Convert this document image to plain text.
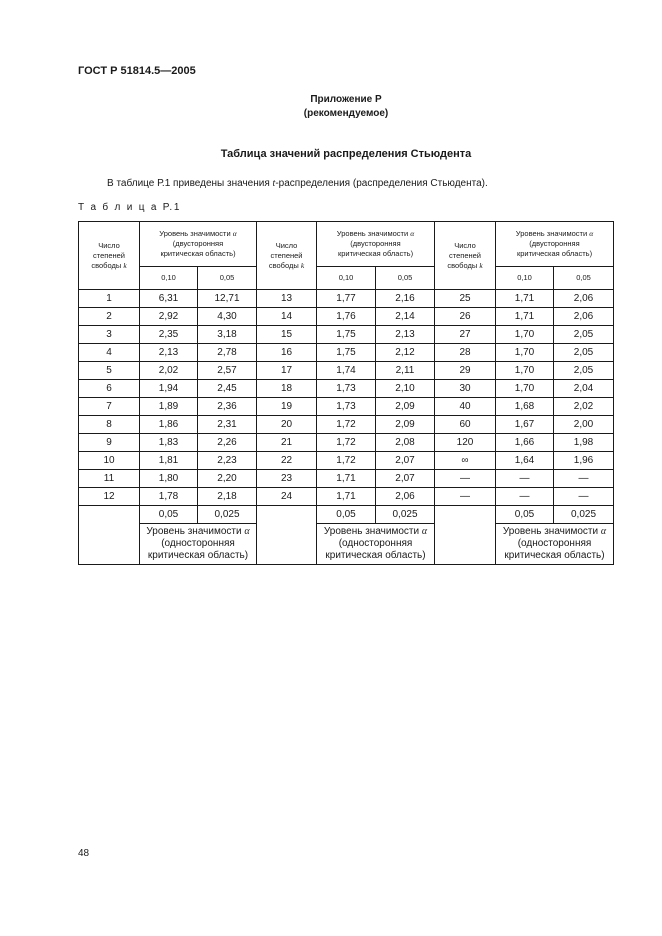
ГОСТ Р 51814.5—2005
Приложение Р
(рекомендуемое)
Таблица значений распределения Стьюдента
В таблице Р.1 приведены значения t-распределения (распределения Стьюдента).
Т а б л и ц а Р.1
Число
степеней
свободы k	Уровень значимости α
(двусторонняя
критическая область)		Число
степеней
свободы k	Уровень значимости α
(двусторонняя
критическая область)		Число
степеней
свободы k	Уровень значимости α
(двусторонняя
критическая область)	
	0,10	0,05		0,10	0,05		0,10	0,05
1	6,31	12,71	13	1,77	2,16	25	1,71	2,06
2	2,92	4,30	14	1,76	2,14	26	1,71	2,06
3	2,35	3,18	15	1,75	2,13	27	1,70	2,05
4	2,13	2,78	16	1,75	2,12	28	1,70	2,05
5	2,02	2,57	17	1,74	2,11	29	1,70	2,05
6	1,94	2,45	18	1,73	2,10	30	1,70	2,04
7	1,89	2,36	19	1,73	2,09	40	1,68	2,02
8	1,86	2,31	20	1,72	2,09	60	1,67	2,00
9	1,83	2,26	21	1,72	2,08	120	1,66	1,98
10	1,81	2,23	22	1,72	2,07	∞	1,64	1,96
11	1,80	2,20	23	1,71	2,07	—	—	—
12	1,78	2,18	24	1,71	2,06	—	—	—
	0,05	0,025		0,05	0,025		0,05	0,025
	Уровень значимости α
(односторонняя
критическая область)			Уровень значимости α
(односторонняя
критическая область)			Уровень значимости α
(односторонняя
критическая область)	
48
